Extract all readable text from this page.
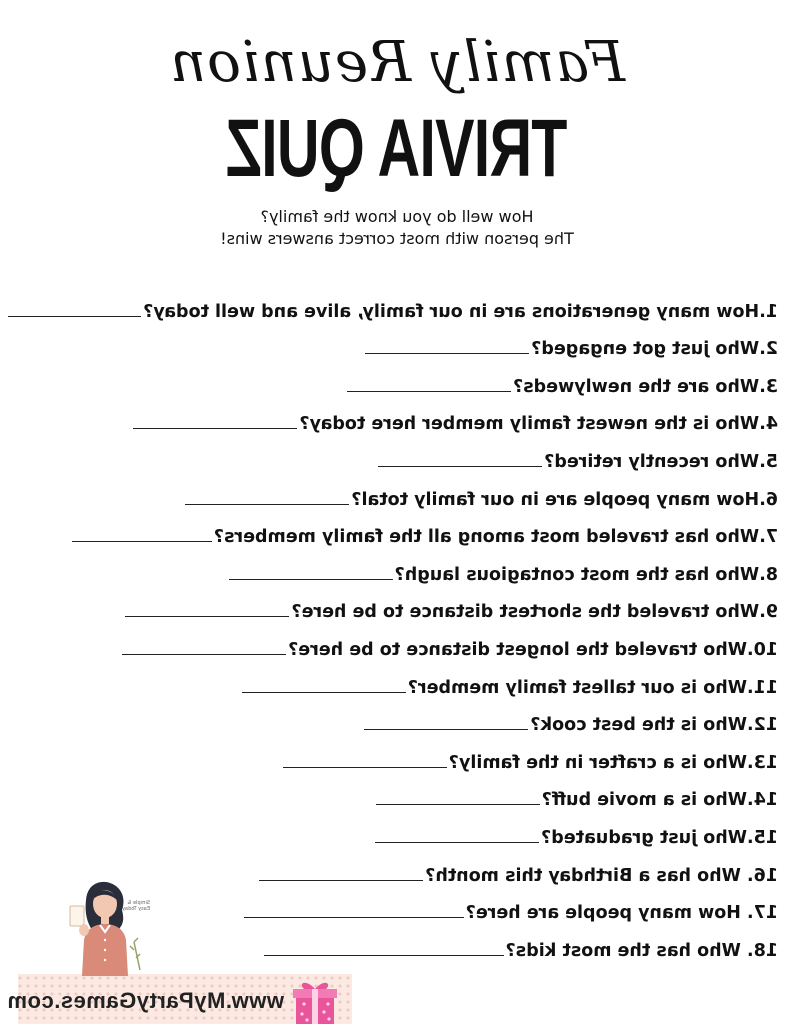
Family Reunion
TRIVIA QUIZ
How well do you know the family?
The person with most correct answers wins!
1.How many generations are in our family, alive and well today?
2.Who just got engaged?
3.Who are the newlyweds?
4.Who is the newest family member here today?
5.Who recently retired?
6.How many people are in our family total?
7.Who has traveled most among all the family members?
8.Who has the most contagious laugh?
9.Who traveled the shortest distance to be here?
10.Who traveled the longest distance to be here?
11.Who is our tallest family member?
12.Who is the best cook?
13.Who is a crafter in the family?
14.Who is a movie buff?
15.Who just graduated?
16. Who has a Birthday this month?
17. How many people are here?
18. Who has the most kids?
www.MyPartyGames.com
Simple & Easy Today
